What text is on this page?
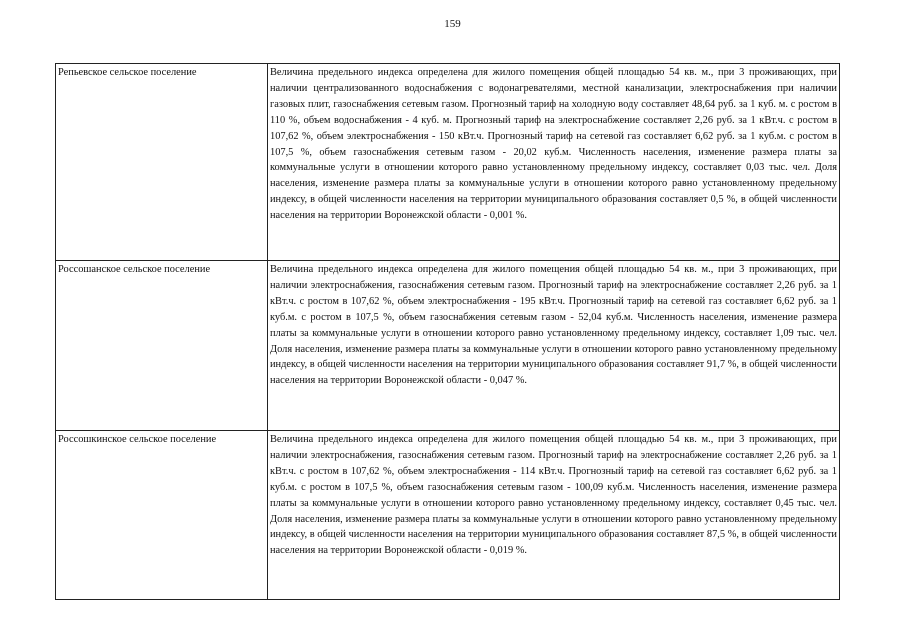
159
Репьевское сельское поселение	Величина предельного индекса определена для жилого помещения общей площадью 54 кв. м., при 3 проживающих, при наличии централизованного водоснабжения с водонагревателями, местной канализации, электроснабжения при наличии газовых плит, газоснабжения сетевым газом. Прогнозный тариф на холодную воду составляет 48,64 руб. за 1 куб. м. с ростом в 110 %, объем водоснабжения - 4 куб. м. Прогнозный тариф на электроснабжение составляет 2,26 руб. за 1 кВт.ч. с ростом в 107,62 %, объем электроснабжения - 150 кВт.ч. Прогнозный тариф на сетевой газ составляет 6,62 руб. за 1 куб.м. с ростом в 107,5 %, объем газоснабжения сетевым газом - 20,02 куб.м. Численность населения, изменение размера платы за коммунальные услуги в отношении которого равно установленному предельному индексу, составляет 0,03 тыс. чел. Доля населения, изменение размера платы за коммунальные услуги в отношении которого равно установленному предельному индексу, в общей численности населения на территории муниципального образования составляет 0,5 %, в общей численности населения на территории Воронежской области - 0,001 %.
Россошанское сельское поселение	Величина предельного индекса определена для жилого помещения общей площадью 54 кв. м., при 3 проживающих, при наличии электроснабжения, газоснабжения сетевым газом. Прогнозный тариф на электроснабжение составляет 2,26 руб. за 1 кВт.ч. с ростом в 107,62 %, объем электроснабжения - 195 кВт.ч. Прогнозный тариф на сетевой газ составляет 6,62 руб. за 1 куб.м. с ростом в 107,5 %, объем газоснабжения сетевым газом - 52,04 куб.м. Численность населения, изменение размера платы за коммунальные услуги в отношении которого равно установленному предельному индексу, составляет 1,09 тыс. чел. Доля населения, изменение размера платы за коммунальные услуги в отношении которого равно установленному предельному индексу, в общей численности населения на территории муниципального образования составляет 91,7 %, в общей численности населения на территории Воронежской области - 0,047 %.
Россошкинское сельское поселение	Величина предельного индекса определена для жилого помещения общей площадью 54 кв. м., при 3 проживающих, при наличии электроснабжения, газоснабжения сетевым газом. Прогнозный тариф на электроснабжение составляет 2,26 руб. за 1 кВт.ч. с ростом в 107,62 %, объем электроснабжения - 114 кВт.ч. Прогнозный тариф на сетевой газ составляет 6,62 руб. за 1 куб.м. с ростом в 107,5 %, объем газоснабжения сетевым газом - 100,09 куб.м. Численность населения, изменение размера платы за коммунальные услуги в отношении которого равно установленному предельному индексу, составляет 0,45 тыс. чел. Доля населения, изменение размера платы за коммунальные услуги в отношении которого равно установленному предельному индексу, в общей численности населения на территории муниципального образования составляет 87,5 %, в общей численности населения на территории Воронежской области - 0,019 %.
